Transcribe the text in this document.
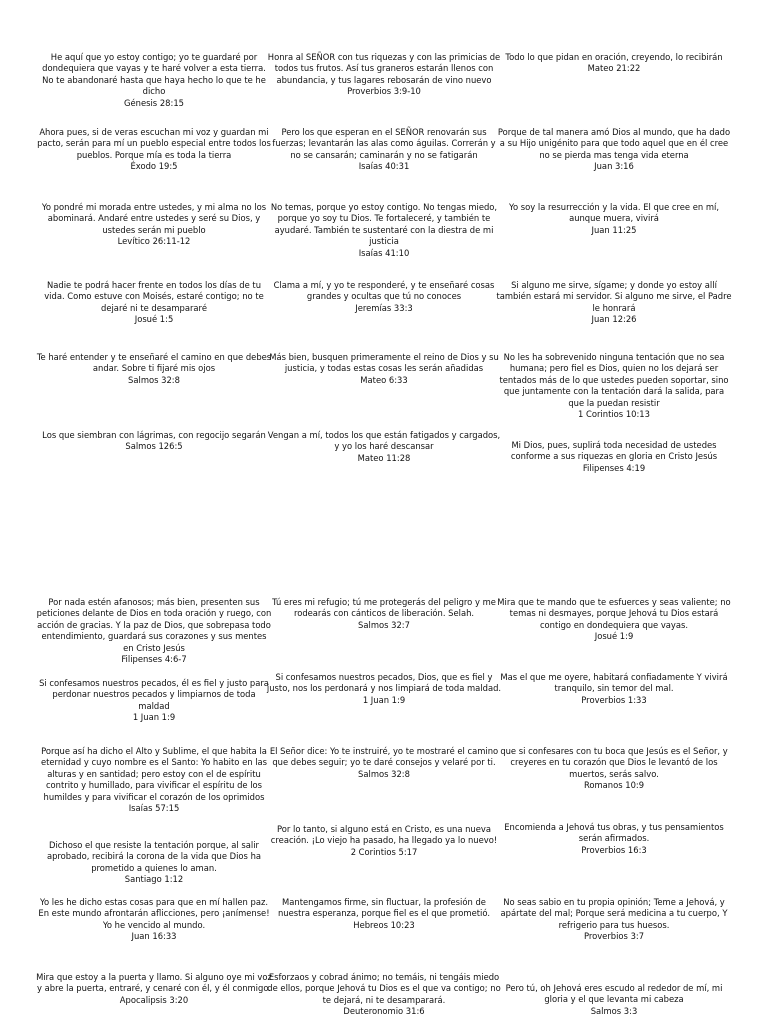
He aquí que yo estoy contigo; yo te guardaré por dondequiera que vayas y te haré volver a esta tierra. No te abandonaré hasta que haya hecho lo que te he dicho
Génesis 28:15
Ahora pues, si de veras escuchan mi voz y guardan mi pacto, serán para mí un pueblo especial entre todos los pueblos. Porque mía es toda la tierra
Éxodo 19:5
Yo pondré mi morada entre ustedes, y mi alma no los abominará. Andaré entre ustedes y seré su Dios, y ustedes serán mi pueblo
Levítico 26:11-12
Nadie te podrá hacer frente en todos los días de tu vida. Como estuve con Moisés, estaré contigo; no te dejaré ni te desampararé
Josué 1:5
Te haré entender y te enseñaré el camino en que debes andar. Sobre ti fijaré mis ojos
Salmos 32:8
Los que siembran con lágrimas, con regocijo segarán
Salmos 126:5
Por nada estén afanosos; más bien, presenten sus peticiones delante de Dios en toda oración y ruego, con acción de gracias. Y la paz de Dios, que sobrepasa todo entendimiento, guardará sus corazones y sus mentes en Cristo Jesús
Filipenses 4:6-7
Si confesamos nuestros pecados, él es fiel y justo para perdonar nuestros pecados y limpiarnos de toda maldad
1 Juan 1:9
Porque así ha dicho el Alto y Sublime, el que habita la eternidad y cuyo nombre es el Santo: Yo habito en las alturas y en santidad; pero estoy con el de espíritu contrito y humillado, para vivificar el espíritu de los humildes y para vivificar el corazón de los oprimidos
Isaías 57:15
Dichoso el que resiste la tentación porque, al salir aprobado, recibirá la corona de la vida que Dios ha prometido a quienes lo aman.
Santiago 1:12
Yo les he dicho estas cosas para que en mí hallen paz. En este mundo afrontarán aflicciones, pero ¡anímense! Yo he vencido al mundo.
Juan 16:33
Mira que estoy a la puerta y llamo. Si alguno oye mi voz y abre la puerta, entraré, y cenaré con él, y él conmigo.
Apocalipsis 3:20
Honra al SEÑOR con tus riquezas y con las primicias de todos tus frutos. Así tus graneros estarán llenos con abundancia, y tus lagares rebosarán de vino nuevo
Proverbios 3:9-10
Pero los que esperan en el SEÑOR renovarán sus fuerzas; levantarán las alas como águilas. Correrán y no se cansarán; caminarán y no se fatigarán
Isaías 40:31
No temas, porque yo estoy contigo. No tengas miedo, porque yo soy tu Dios. Te fortaleceré, y también te ayudaré. También te sustentaré con la diestra de mi justicia
Isaías 41:10
Clama a mí, y yo te responderé, y te enseñaré cosas grandes y ocultas que tú no conoces
Jeremías 33:3
Más bien, busquen primeramente el reino de Dios y su justicia, y todas estas cosas les serán añadidas
Mateo 6:33
Vengan a mí, todos los que están fatigados y cargados, y yo los haré descansar
Mateo 11:28
Tú eres mi refugio; tú me protegerás del peligro y me rodearás con cánticos de liberación. Selah.
Salmos 32:7
Si confesamos nuestros pecados, Dios, que es fiel y justo, nos los perdonará y nos limpiará de toda maldad.
1 Juan 1:9
El Señor dice: Yo te instruiré, yo te mostraré el camino que debes seguir; yo te daré consejos y velaré por ti.
Salmos 32:8
Por lo tanto, si alguno está en Cristo, es una nueva creación. ¡Lo viejo ha pasado, ha llegado ya lo nuevo!
2 Corintios 5:17
Mantengamos firme, sin fluctuar, la profesión de nuestra esperanza, porque fiel es el que prometió.
Hebreos 10:23
Esforzaos y cobrad ánimo; no temáis, ni tengáis miedo de ellos, porque Jehová tu Dios es el que va contigo; no te dejará, ni te desamparará.
Deuteronomio 31:6
Todo lo que pidan en oración, creyendo, lo recibirán
Mateo 21:22
Porque de tal manera amó Dios al mundo, que ha dado a su Hijo unigénito para que todo aquel que en él cree no se pierda mas tenga vida eterna
Juan 3:16
Yo soy la resurrección y la vida. El que cree en mí, aunque muera, vivirá
Juan 11:25
Si alguno me sirve, sígame; y donde yo estoy allí también estará mi servidor. Si alguno me sirve, el Padre le honrará
Juan 12:26
No les ha sobrevenido ninguna tentación que no sea humana; pero fiel es Dios, quien no los dejará ser tentados más de lo que ustedes pueden soportar, sino que juntamente con la tentación dará la salida, para que la puedan resistir
1 Corintios 10:13
Mi Dios, pues, suplirá toda necesidad de ustedes conforme a sus riquezas en gloria en Cristo Jesús
Filipenses 4:19
Mira que te mando que te esfuerces y seas valiente; no temas ni desmayes, porque Jehová tu Dios estará contigo en dondequiera que vayas.
Josué 1:9
Mas el que me oyere, habitará confiadamente Y vivirá tranquilo, sin temor del mal.
Proverbios 1:33
que si confesares con tu boca que Jesús es el Señor, y creyeres en tu corazón que Dios le levantó de los muertos, serás salvo.
Romanos 10:9
Encomienda a Jehová tus obras, y tus pensamientos serán afirmados.
Proverbios 16:3
No seas sabio en tu propia opinión; Teme a Jehová, y apártate del mal; Porque será medicina a tu cuerpo, Y refrigerio para tus huesos.
Proverbios 3:7
Pero tú, oh Jehová eres escudo al rededor de mí, mi gloria y el que levanta mi cabeza
Salmos 3:3
